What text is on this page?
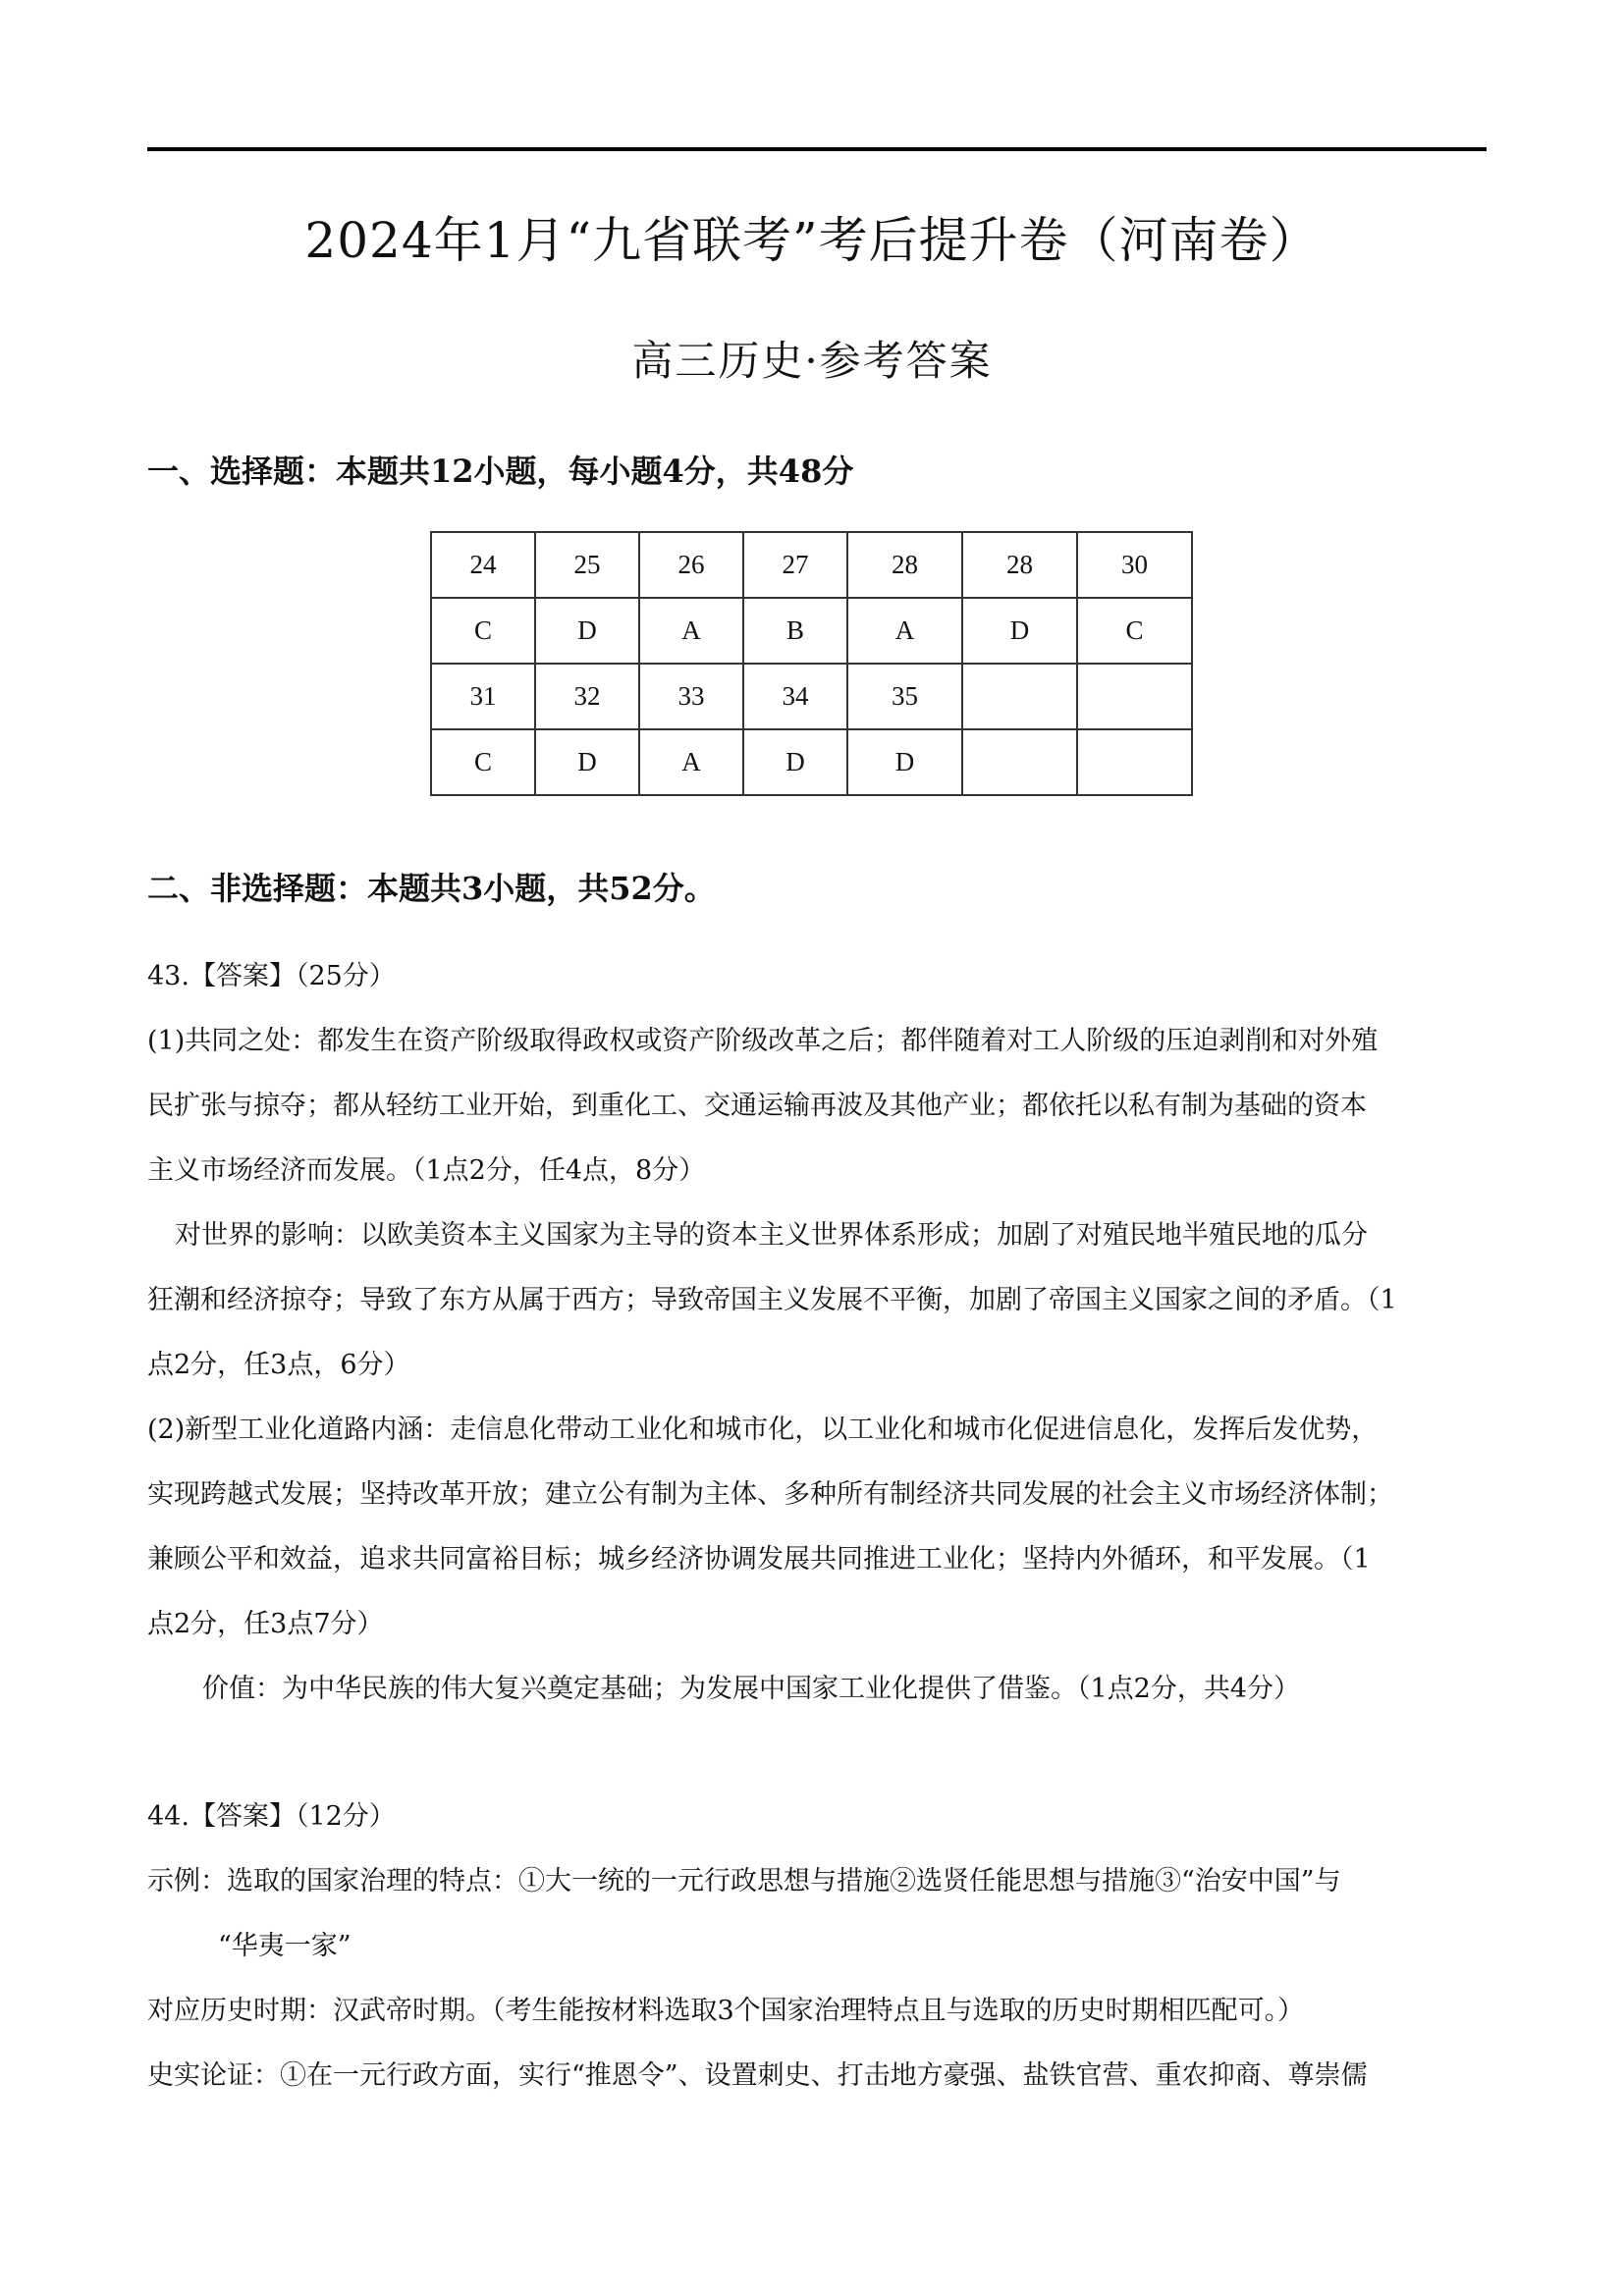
2024年1月“九省联考”考后提升卷（河南卷）
高三历史·参考答案
一、选择题：本题共12小题，每小题4分，共48分
24	25	26	27	28	28	30
C	D	A	B	A	D	C
31	32	33	34	35		
C	D	A	D	D		
二、非选择题：本题共3小题，共52分。
43.【答案】（25分）
(1)共同之处：都发生在资产阶级取得政权或资产阶级改革之后；都伴随着对工人阶级的压迫剥削和对外殖
民扩张与掠夺；都从轻纺工业开始，到重化工、交通运输再波及其他产业；都依托以私有制为基础的资本
主义市场经济而发展。（1点2分，任4点，8分）
对世界的影响：以欧美资本主义国家为主导的资本主义世界体系形成；加剧了对殖民地半殖民地的瓜分
狂潮和经济掠夺；导致了东方从属于西方；导致帝国主义发展不平衡，加剧了帝国主义国家之间的矛盾。（1
点2分，任3点，6分）
(2)新型工业化道路内涵：走信息化带动工业化和城市化，以工业化和城市化促进信息化，发挥后发优势，
实现跨越式发展；坚持改革开放；建立公有制为主体、多种所有制经济共同发展的社会主义市场经济体制；
兼顾公平和效益，追求共同富裕目标；城乡经济协调发展共同推进工业化；坚持内外循环，和平发展。（1
点2分，任3点7分）
价值：为中华民族的伟大复兴奠定基础；为发展中国家工业化提供了借鉴。（1点2分，共4分）
44.【答案】（12分）
示例：选取的国家治理的特点：①大一统的一元行政思想与措施②选贤任能思想与措施③“治安中国”与
“华夷一家”
对应历史时期：汉武帝时期。（考生能按材料选取3个国家治理特点且与选取的历史时期相匹配可。）
史实论证：①在一元行政方面，实行“推恩令”、设置刺史、打击地方豪强、盐铁官营、重农抑商、尊崇儒
